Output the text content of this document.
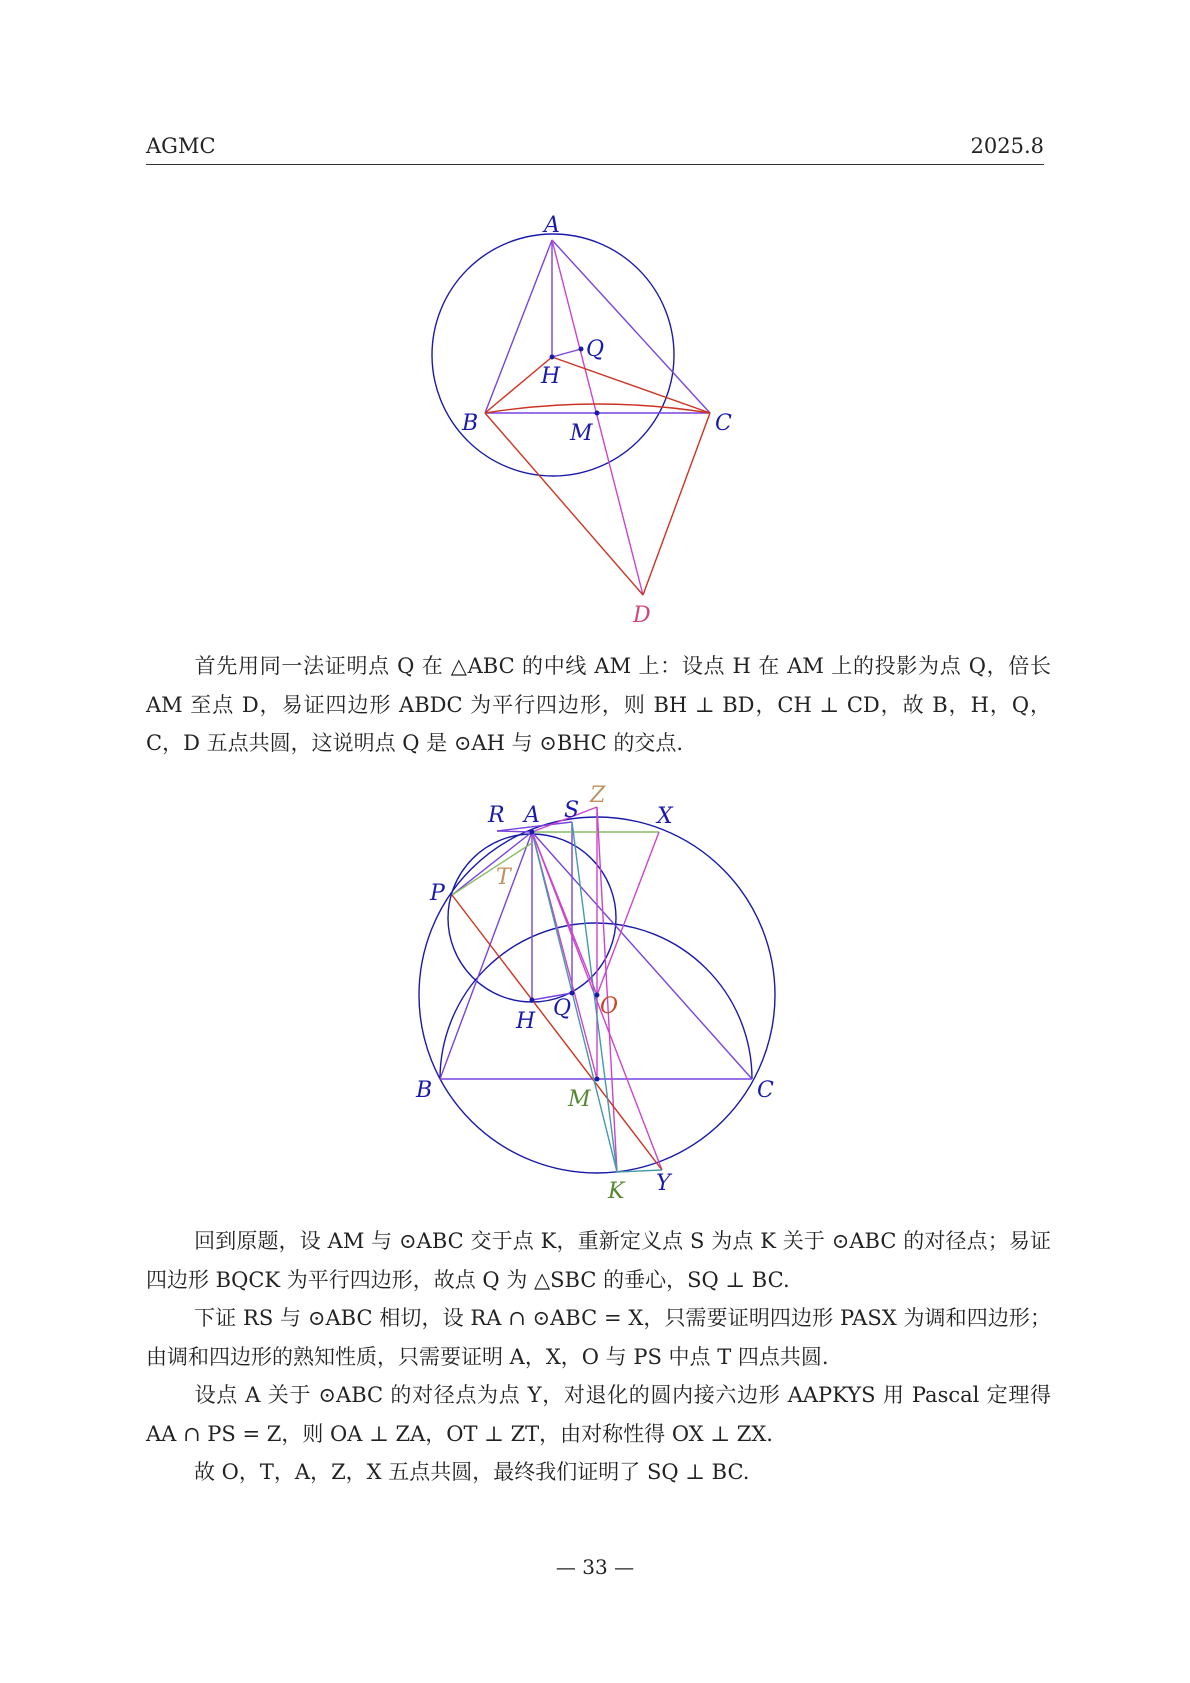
AGMC	2025.8
A
Q
H
B	M	C
D

首先用同一法证明点 Q 在 △ABC 的中线 AM 上：设点 H 在 AM 上的投影为点 Q，倍长 AM 至点 D，易证四边形 ABDC 为平行四边形，则 BH ⊥ BD，CH ⊥ CD，故 B，H，Q，C，D 五点共圆，这说明点 Q 是 ⊙AH 与 ⊙BHC 的交点.

R A S
Z
X
P
T
H
Q O
B	M	C
K Y

回到原题，设 AM 与 ⊙ABC 交于点 K，重新定义点 S 为点 K 关于 ⊙ABC 的对径点；易证四边形 BQCK 为平行四边形，故点 Q 为 △SBC 的垂心，SQ ⊥ BC.

下证 RS 与 ⊙ABC 相切，设 RA ∩ ⊙ABC = X，只需要证明四边形 PASX 为调和四边形；由调和四边形的熟知性质，只需要证明 A，X，O 与 PS 中点 T 四点共圆.

设点 A 关于 ⊙ABC 的对径点为点 Y，对退化的圆内接六边形 AAPKYS 用 Pascal 定理得 AA ∩ PS = Z，则 OA ⊥ ZA，OT ⊥ ZT，由对称性得 OX ⊥ ZX.

故 O，T，A，Z，X 五点共圆，最终我们证明了 SQ ⊥ BC.

— 33 —
